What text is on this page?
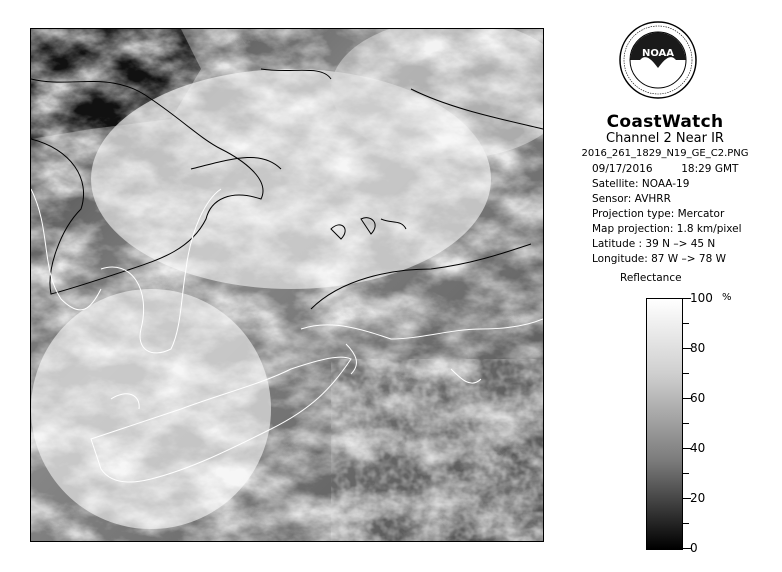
NOAA
CoastWatch
Channel 2 Near IR
2016_261_1829_N19_GE_C2.PNG
09/17/2016	18:29 GMT
Satellite: NOAA-19
Sensor: AVHRR
Projection type: Mercator
Map projection: 1.8 km/pixel
Latitude : 39 N –> 45 N
Longitude: 87 W –> 78 W
Reflectance
%
100
80
60
40
20
0
